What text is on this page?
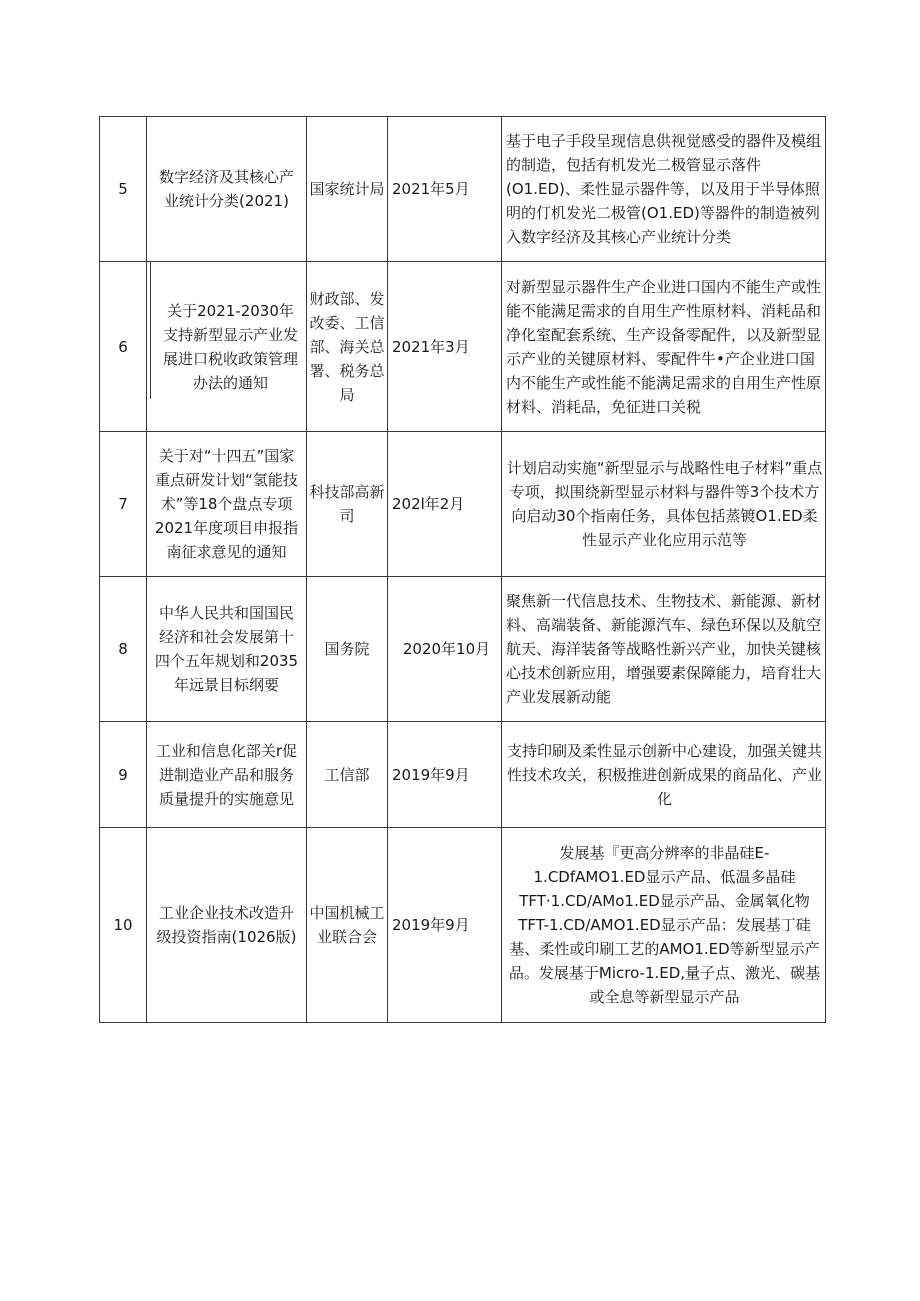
5	数字经济及其核心产业统计分类(2021)	国家统计局	2021年5月	基于电子手段呈现信息供视觉感受的器件及模组的制造，包括有机发光二极管显示落件(O1.ED)、柔性显示器件等，以及用于半导体照明的仃机发光二极管(O1.ED)等器件的制造被列入数字经济及其核心产业统计分类
6	关于2021-2030年支持新型显示产业发展进口税收政策管理办法的通知	财政部、发改委、工信部、海关总署、税务总局	2021年3月	对新型显示器件生产企业进口国内不能生产或性能不能满足需求的自用生产性原材料、消耗品和净化室配套系统、生产设备零配件，以及新型显示产业的关键原材料、零配件牛•产企业进口国内不能生产或性能不能满足需求的自用生产性原材料、消耗品，免征进口关税
7	关于对“十四五”国家重点研发计划“氢能技术”等18个盘点专项2021年度项目申报指南征求意见的通知	科技部高新司	202l年2月	计划启动实施“新型显示与战略性电子材料”重点专项，拟围绕新型显示材料与器件等3个技术方向启动30个指南任务，具体包括蒸镀O1.ED柔性显示产业化应用示范等
8	中华人民共和国国民经济和社会发展第十四个五年规划和2035年远景目标纲要	国务院	2020年10月	聚焦新一代信息技术、生物技术、新能源、新材料、高端装备、新能源汽车、绿色环保以及航空航天、海洋装备等战略性新兴产业，加快关键核心技术创新应用，增强要素保障能力，培育壮大产业发展新动能
9	工业和信息化部关r促进制造业产品和服务质量提升的实施意见	工信部	2019年9月	支持印刷及柔性显示创新中心建设，加强关键共性技术攻关，积极推进创新成果的商品化、产业化
10	工业企业技术改造升级投资指南(1026版)	中国机械工业联合会	2019年9月	发展基『更高分辨率的非晶硅E-1.CDfAMO1.ED显示产品、低温多晶硅TFT·1.CD/AMo1.ED显示产品、金属氧化物TFT-1.CD/AMO1.ED显示产品：发展基丁硅基、柔性或印刷工艺的AMO1.ED等新型显示产品。发展基于Micro-1.ED,量子点、激光、碳基或全息等新型显示产品
